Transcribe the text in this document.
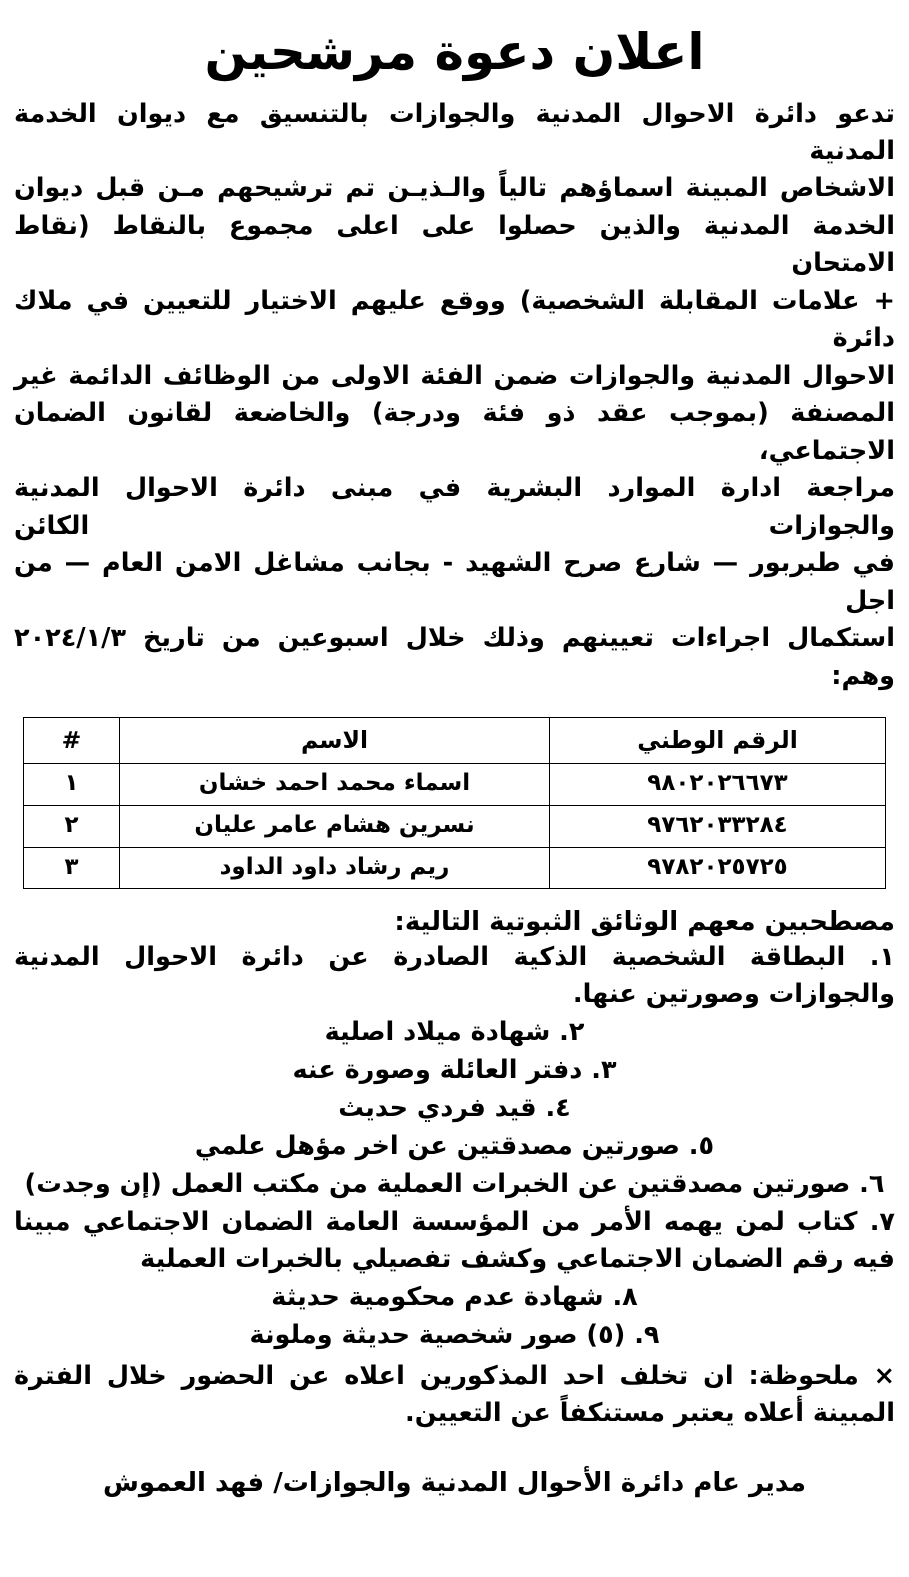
اعلان دعوة مرشحين
تدعو دائرة الاحوال المدنية والجوازات بالتنسيق مع ديوان الخدمة المدنية
الاشخاص المبينة اسماؤهم تالياً والـذيـن تم ترشيحهم مـن قبل ديوان
الخدمة المدنية والذين حصلوا على اعلى مجموع بالنقاط (نقاط الامتحان
+ علامات المقابلة الشخصية) ووقع عليهم الاختيار للتعيين في ملاك دائرة
الاحوال المدنية والجوازات ضمن الفئة الاولى من الوظائف الدائمة غير
المصنفة (بموجب عقد ذو فئة ودرجة) والخاضعة لقانون الضمان الاجتماعي،
مراجعة ادارة الموارد البشرية في مبنى دائرة الاحوال المدنية والجوازات الكائن
في طبربور — شارع صرح الشهيد - بجانب مشاغل الامن العام — من اجل
استكمال اجراءات تعيينهم وذلك خلال اسبوعين من تاريخ ٢٠٢٤/١/٣ وهم:
الرقم الوطني	الاسم	#
٩٨٠٢٠٢٦٦٧٣	اسماء محمد احمد خشان	١
٩٧٦٢٠٣٣٢٨٤	نسرين هشام عامر عليان	٢
٩٧٨٢٠٢٥٧٢٥	ريم رشاد داود الداود	٣
مصطحبين معهم الوثائق الثبوتية التالية:
١. البطاقة الشخصية الذكية الصادرة عن دائرة الاحوال المدنية والجوازات وصورتين عنها.
٢. شهادة ميلاد اصلية
٣. دفتر العائلة وصورة عنه
٤. قيد فردي حديث
٥. صورتين مصدقتين عن اخر مؤهل علمي
٦. صورتين مصدقتين عن الخبرات العملية من مكتب العمل (إن وجدت)
٧. كتاب لمن يهمه الأمر من المؤسسة العامة الضمان الاجتماعي مبينا فيه رقم الضمان الاجتماعي وكشف تفصيلي بالخبرات العملية
٨. شهادة عدم محكومية حديثة
٩. (٥) صور شخصية حديثة وملونة
× ملحوظة: ان تخلف احد المذكورين اعلاه عن الحضور خلال الفترة المبينة أعلاه يعتبر مستنكفاً عن التعيين.
مدير عام دائرة الأحوال المدنية والجوازات/ فهد العموش
